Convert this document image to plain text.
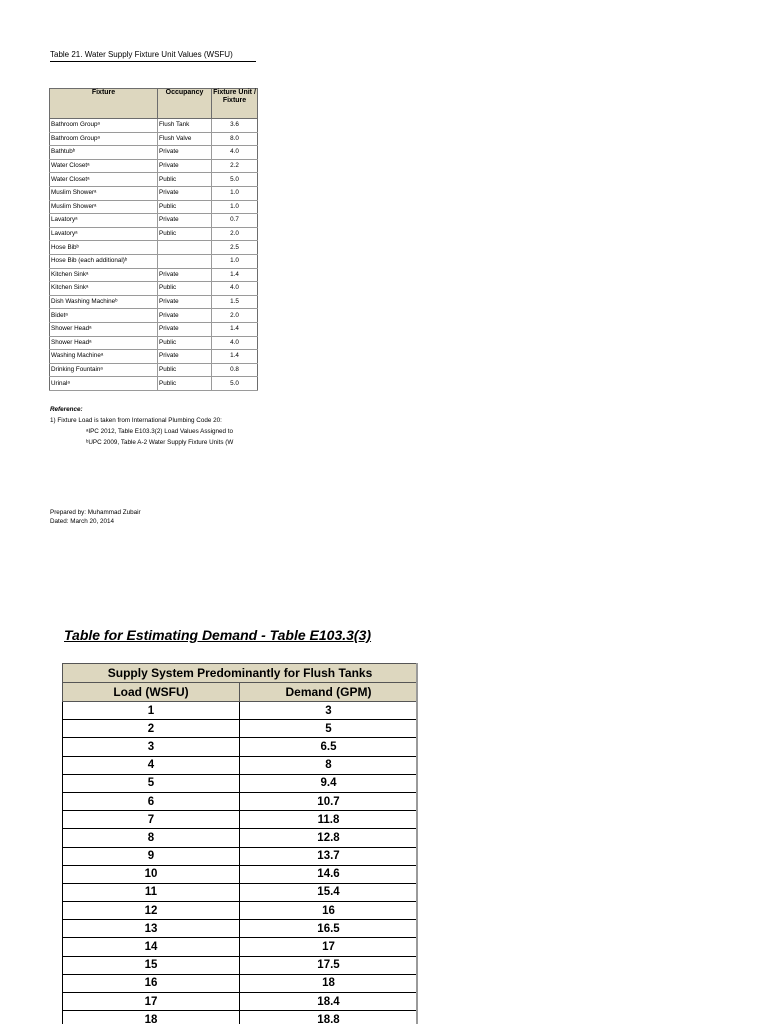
Table 21. Water Supply Fixture Unit Values (WSFU)
Fixture	Occupancy	Fixture Unit / Fixture
Bathroom Groupᵃ	Flush Tank	3.6
Bathroom Groupᵃ	Flush Valve	8.0
Bathtubᵇ	Private	4.0
Water Closetᵃ	Private	2.2
Water Closetᵃ	Public	5.0
Muslim Showerᵃ	Private	1.0
Muslim Showerᵃ	Public	1.0
Lavatoryᵃ	Private	0.7
Lavatoryᵃ	Public	2.0
Hose Bibᵇ		2.5
Hose Bib (each additional)ᵇ		1.0
Kitchen Sinkᵃ	Private	1.4
Kitchen Sinkᵃ	Public	4.0
Dish Washing Machineᵇ	Private	1.5
Bidetᵃ	Private	2.0
Shower Headᵃ	Private	1.4
Shower Headᵃ	Public	4.0
Washing Machineᵃ	Private	1.4
Drinking Fountainᵃ	Public	0.8
Urinalᵃ	Public	5.0
Reference:
1) Fixture Load is taken from International Plumbing Code 20:
ᵃIPC 2012, Table E103.3(2) Load Values Assigned to
ᵇUPC 2009, Table A-2 Water Supply Fixture Units (W
Prepared by: Muhammad Zubair
Dated: March 20, 2014
Table for Estimating Demand - Table E103.3(3)
Supply System Predominantly for Flush Tanks	
Load (WSFU)	Demand (GPM)
1	3
2	5
3	6.5
4	8
5	9.4
6	10.7
7	11.8
8	12.8
9	13.7
10	14.6
11	15.4
12	16
13	16.5
14	17
15	17.5
16	18
17	18.4
18	18.8
